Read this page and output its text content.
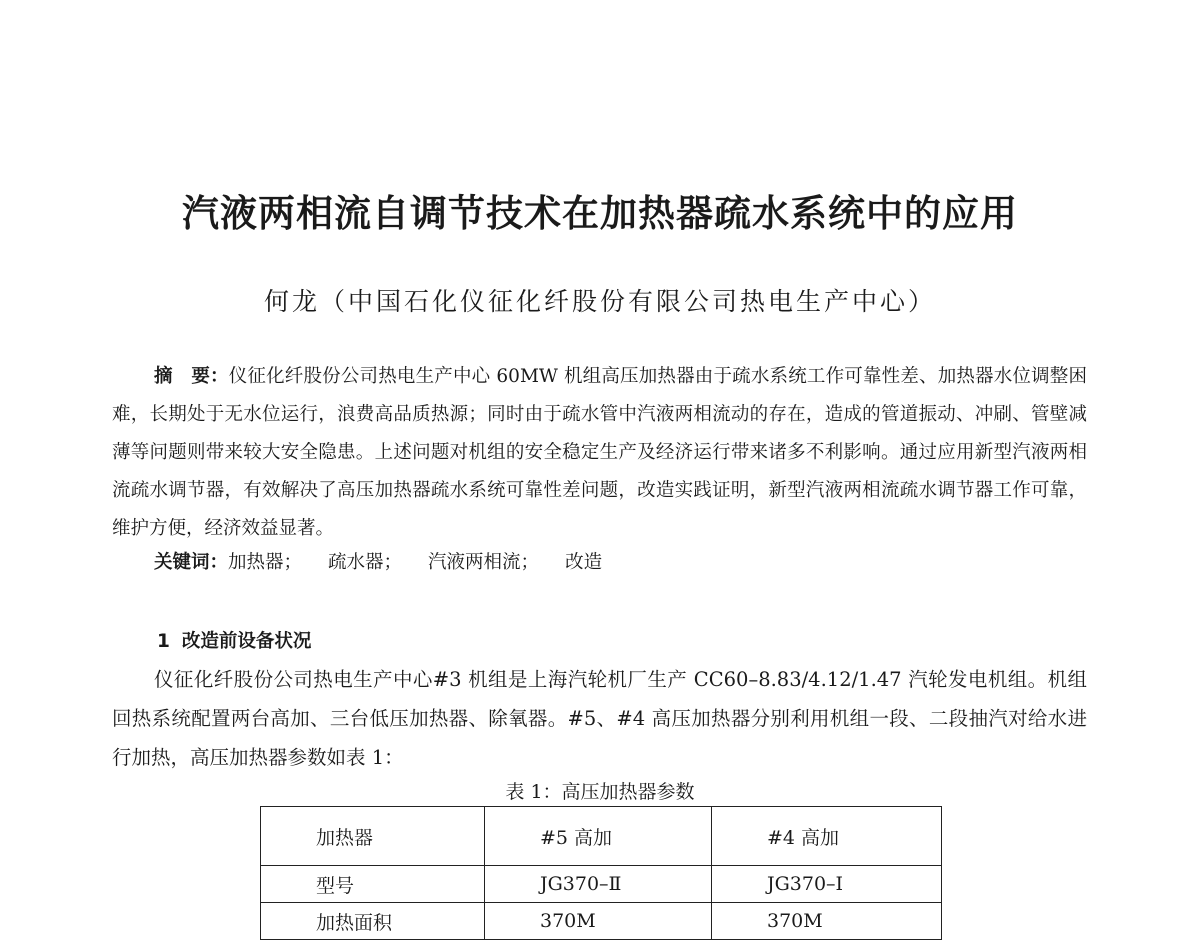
汽液两相流自调节技术在加热器疏水系统中的应用

何龙（中国石化仪征化纤股份有限公司热电生产中心）

摘　要：仪征化纤股份公司热电生产中心 60MW 机组高压加热器由于疏水系统工作可靠性差、加热器水位调整困难，长期处于无水位运行，浪费高品质热源；同时由于疏水管中汽液两相流动的存在，造成的管道振动、冲刷、管壁减薄等问题则带来较大安全隐患。上述问题对机组的安全稳定生产及经济运行带来诸多不利影响。通过应用新型汽液两相流疏水调节器，有效解决了高压加热器疏水系统可靠性差问题，改造实践证明，新型汽液两相流疏水调节器工作可靠，维护方便，经济效益显著。

关键词：加热器； 疏水器； 汽液两相流； 改造

1 改造前设备状况

仪征化纤股份公司热电生产中心#3 机组是上海汽轮机厂生产 CC60–8.83/4.12/1.47 汽轮发电机组。机组回热系统配置两台高加、三台低压加热器、除氧器。#5、#4 高压加热器分别利用机组一段、二段抽汽对给水进行加热，高压加热器参数如表 1：

表 1：高压加热器参数

加热器	#5 高加	#4 高加
型号	JG370–Ⅱ	JG370–Ⅰ
加热面积	370M	370M
